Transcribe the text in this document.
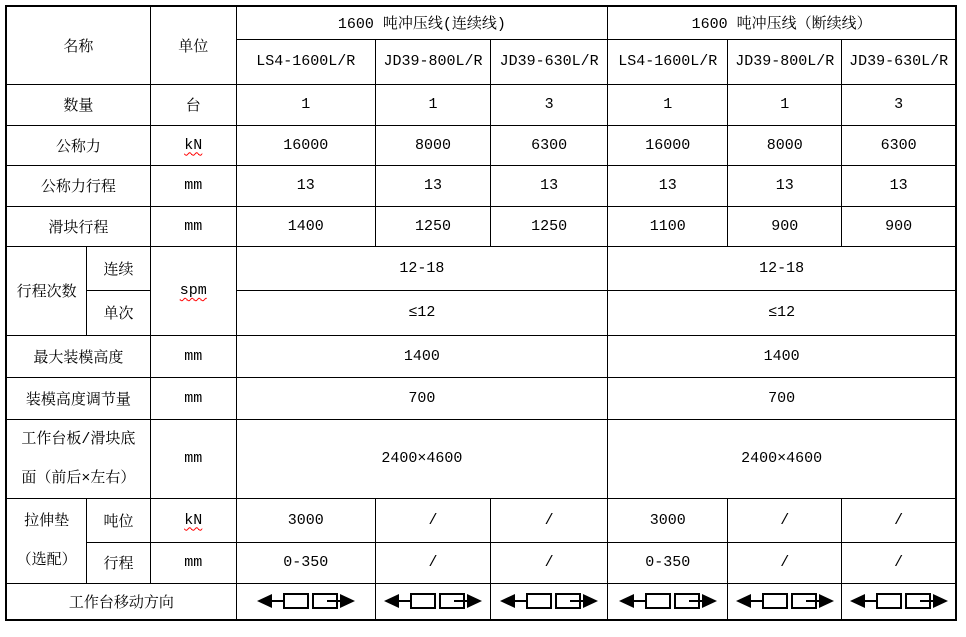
名称		单位	1600 吨冲压线(连续线)			1600 吨冲压线（断续线）		
			LS4-1600L/R	JD39-800L/R	JD39-630L/R	LS4-1600L/R	JD39-800L/R	JD39-630L/R
数量		台	1	1	3	1	1	3
公称力		kN	16000	8000	6300	16000	8000	6300
公称力行程		mm	13	13	13	13	13	13
滑块行程		mm	1400	1250	1250	1100	900	900
行程次数	连续	spm	12-18			12-18		
	单次		≤12			≤12		
最大装模高度		mm	1400			1400		
装模高度调节量		mm	700			700		

工作台板/滑块底
面（前后×左右）		mm	2400×4600			2400×4600		

拉伸垫
（选配）	吨位	kN	3000	/	/	3000	/	/
	行程	mm	0-350	/	/	0-350	/	/
工作台移动方向						
